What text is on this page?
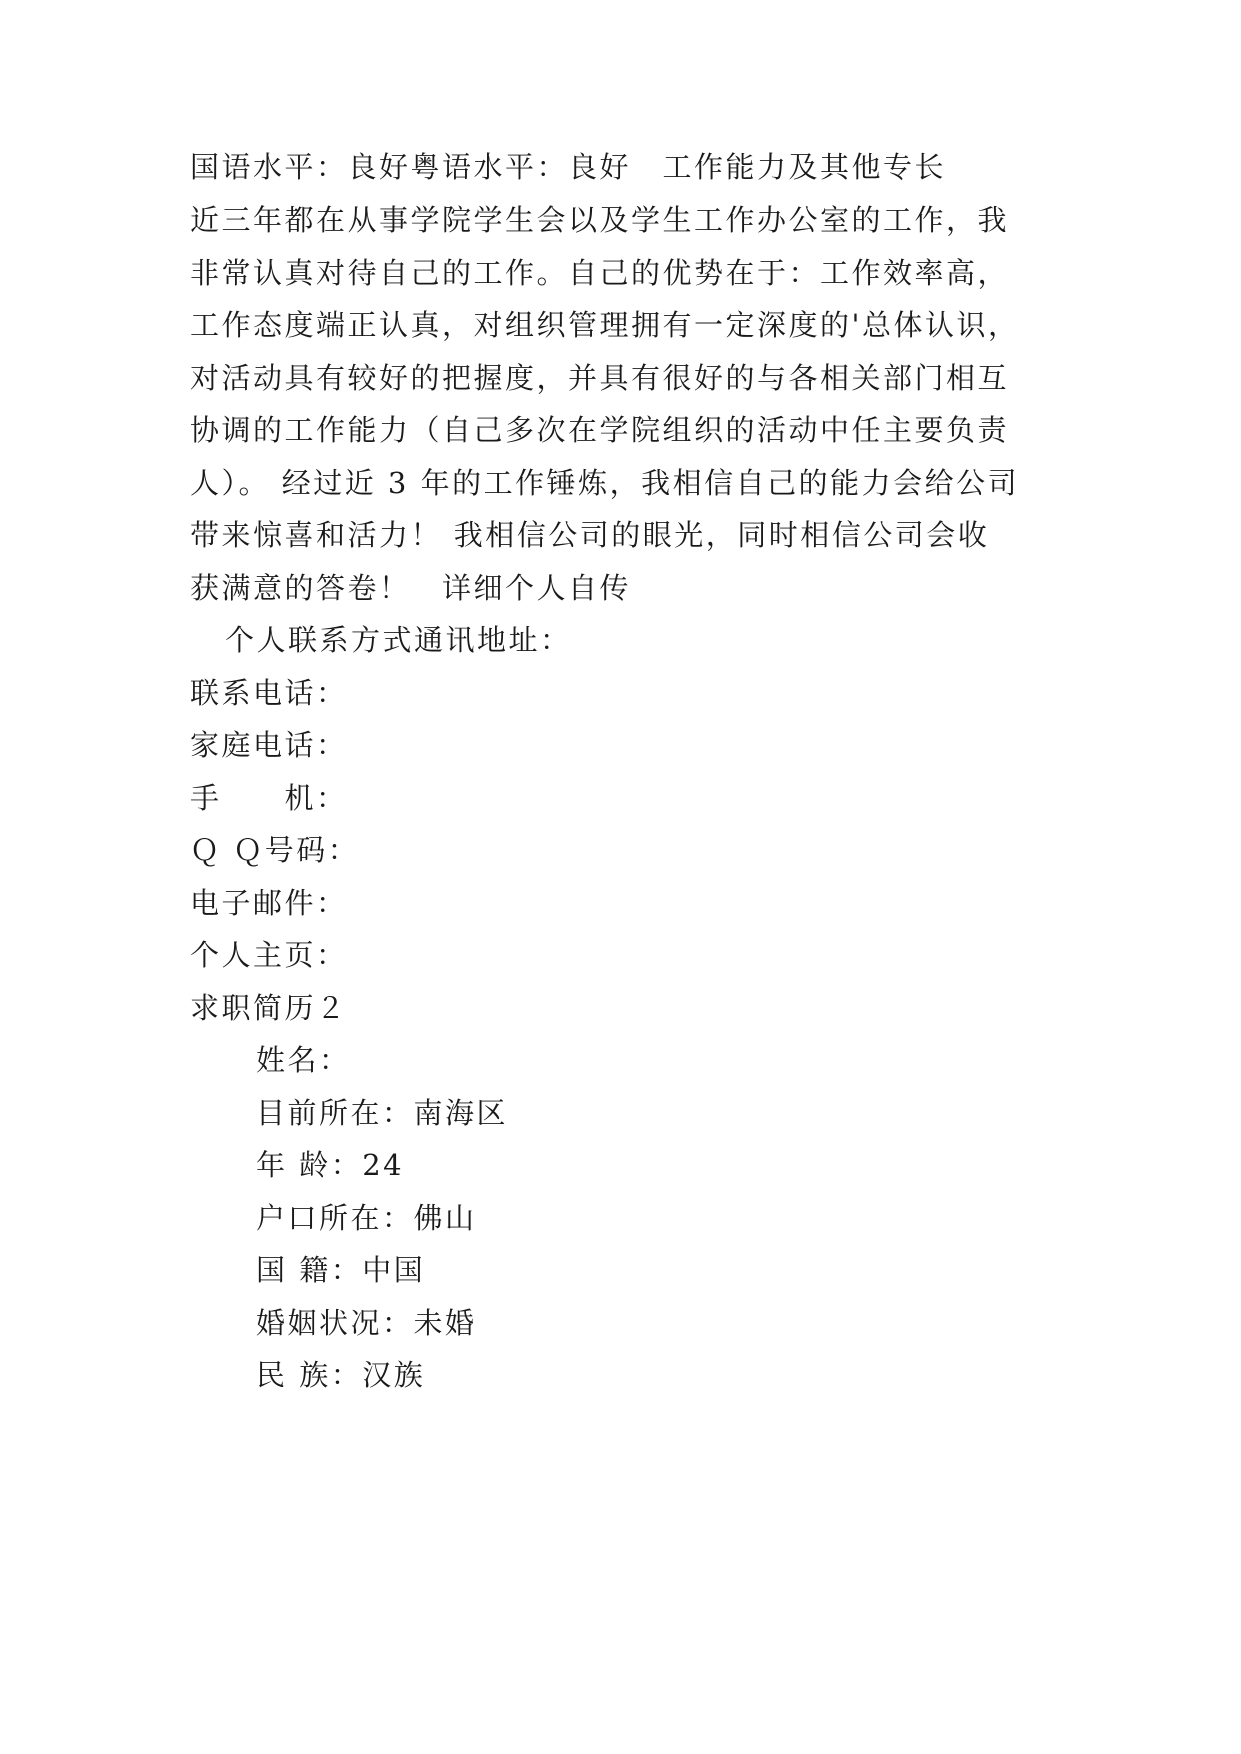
国语水平：良好粤语水平：良好　工作能力及其他专长

近三年都在从事学院学生会以及学生工作办公室的工作，我

非常认真对待自己的工作。自己的优势在于：工作效率高，

工作态度端正认真，对组织管理拥有一定深度的'总体认识，

对活动具有较好的把握度，并具有很好的与各相关部门相互

协调的工作能力（自己多次在学院组织的活动中任主要负责

人）。 经过近 3 年的工作锤炼，我相信自己的能力会给公司

带来惊喜和活力！ 我相信公司的眼光，同时相信公司会收

获满意的答卷！　详细个人自传

个人联系方式通讯地址：

联系电话：

家庭电话：

手　　机：

Ｑ Ｑ号码：

电子邮件：

个人主页：

求职简历２

姓名：

目前所在：南海区

年 龄：24

户口所在：佛山

国 籍：中国

婚姻状况：未婚

民 族：汉族
